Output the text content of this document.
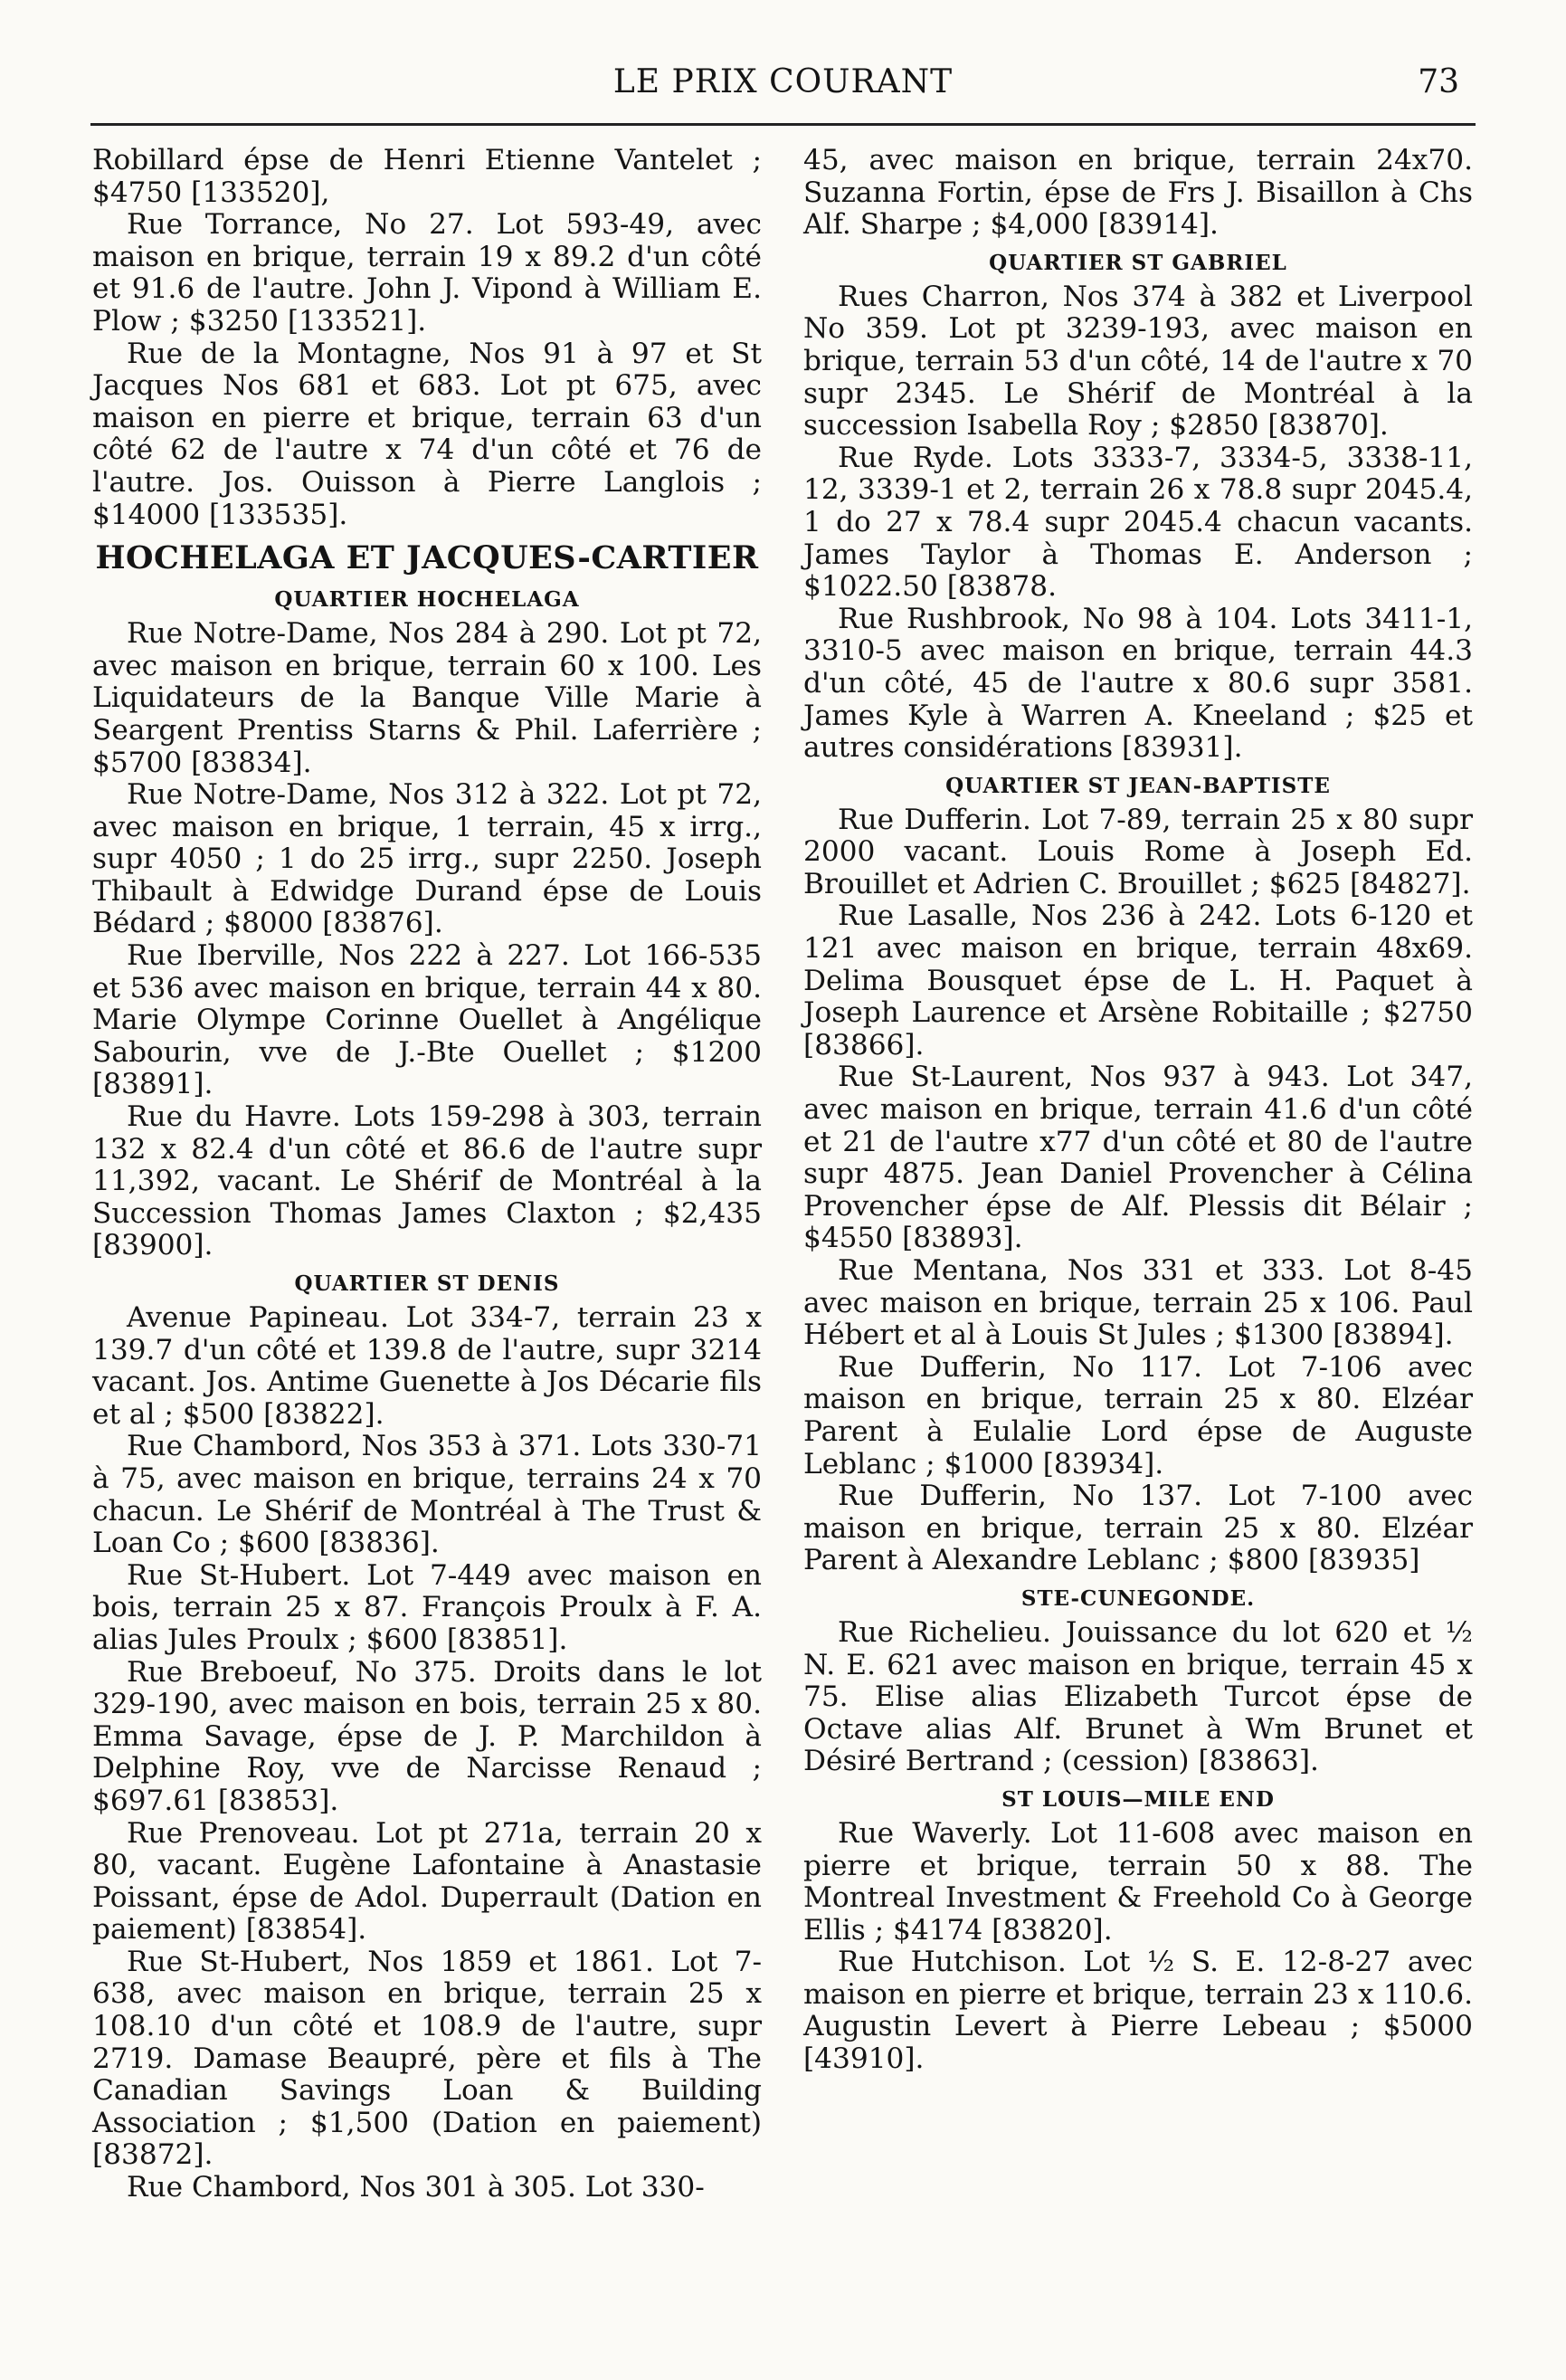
LE PRIX COURANT	73

Robillard épse de Henri Etienne Vantelet ; $4750 [133520],

Rue Torrance, No 27. Lot 593-49, avec maison en brique, terrain 19 x 89.2 d'un côté et 91.6 de l'autre. John J. Vipond à William E. Plow ; $3250 [133521].

Rue de la Montagne, Nos 91 à 97 et St Jacques Nos 681 et 683. Lot pt 675, avec maison en pierre et brique, terrain 63 d'un côté 62 de l'autre x 74 d'un côté et 76 de l'autre. Jos. Ouisson à Pierre Langlois ; $14000 [133535].

HOCHELAGA ET JACQUES-CARTIER
QUARTIER HOCHELAGA

Rue Notre-Dame, Nos 284 à 290. Lot pt 72, avec maison en brique, terrain 60 x 100. Les Liquidateurs de la Banque Ville Marie à Seargent Prentiss Starns & Phil. Laferrière ; $5700 [83834].

Rue Notre-Dame, Nos 312 à 322. Lot pt 72, avec maison en brique, 1 terrain, 45 x irrg., supr 4050 ; 1 do 25 irrg., supr 2250. Joseph Thibault à Edwidge Durand épse de Louis Bédard ; $8000 [83876].

Rue Iberville, Nos 222 à 227. Lot 166-535 et 536 avec maison en brique, terrain 44 x 80. Marie Olympe Corinne Ouellet à Angélique Sabourin, vve de J.-Bte Ouellet ; $1200 [83891].

Rue du Havre. Lots 159-298 à 303, terrain 132 x 82.4 d'un côté et 86.6 de l'autre supr 11,392, vacant. Le Shérif de Montréal à la Succession Thomas James Claxton ; $2,435 [83900].

QUARTIER ST DENIS

Avenue Papineau. Lot 334-7, terrain 23 x 139.7 d'un côté et 139.8 de l'autre, supr 3214 vacant. Jos. Antime Guenette à Jos Décarie fils et al ; $500 [83822].

Rue Chambord, Nos 353 à 371. Lots 330-71 à 75, avec maison en brique, terrains 24 x 70 chacun. Le Shérif de Montréal à The Trust & Loan Co ; $600 [83836].

Rue St-Hubert. Lot 7-449 avec maison en bois, terrain 25 x 87. François Proulx à F. A. alias Jules Proulx ; $600 [83851].

Rue Breboeuf, No 375. Droits dans le lot 329-190, avec maison en bois, terrain 25 x 80. Emma Savage, épse de J. P. Marchildon à Delphine Roy, vve de Narcisse Renaud ; $697.61 [83853].

Rue Prenoveau. Lot pt 271a, terrain 20 x 80, vacant. Eugène Lafontaine à Anastasie Poissant, épse de Adol. Duperrault (Dation en paiement) [83854].

Rue St-Hubert, Nos 1859 et 1861. Lot 7-638, avec maison en brique, terrain 25 x 108.10 d'un côté et 108.9 de l'autre, supr 2719. Damase Beaupré, père et fils à The Canadian Savings Loan & Building Association ; $1,500 (Dation en paiement) [83872].

Rue Chambord, Nos 301 à 305. Lot 330-

45, avec maison en brique, terrain 24x70. Suzanna Fortin, épse de Frs J. Bisaillon à Chs Alf. Sharpe ; $4,000 [83914].

QUARTIER ST GABRIEL

Rues Charron, Nos 374 à 382 et Liverpool No 359. Lot pt 3239-193, avec maison en brique, terrain 53 d'un côté, 14 de l'autre x 70 supr 2345. Le Shérif de Montréal à la succession Isabella Roy ; $2850 [83870].

Rue Ryde. Lots 3333-7, 3334-5, 3338-11, 12, 3339-1 et 2, terrain 26 x 78.8 supr 2045.4, 1 do 27 x 78.4 supr 2045.4 chacun vacants. James Taylor à Thomas E. Anderson ; $1022.50 [83878.

Rue Rushbrook, No 98 à 104. Lots 3411-1, 3310-5 avec maison en brique, terrain 44.3 d'un côté, 45 de l'autre x 80.6 supr 3581. James Kyle à Warren A. Kneeland ; $25 et autres considérations [83931].

QUARTIER ST JEAN-BAPTISTE

Rue Dufferin. Lot 7-89, terrain 25 x 80 supr 2000 vacant. Louis Rome à Joseph Ed. Brouillet et Adrien C. Brouillet ; $625 [84827].

Rue Lasalle, Nos 236 à 242. Lots 6-120 et 121 avec maison en brique, terrain 48x69. Delima Bousquet épse de L. H. Paquet à Joseph Laurence et Arsène Robitaille ; $2750 [83866].

Rue St-Laurent, Nos 937 à 943. Lot 347, avec maison en brique, terrain 41.6 d'un côté et 21 de l'autre x77 d'un côté et 80 de l'autre supr 4875. Jean Daniel Provencher à Célina Provencher épse de Alf. Plessis dit Bélair ; $4550 [83893].

Rue Mentana, Nos 331 et 333. Lot 8-45 avec maison en brique, terrain 25 x 106. Paul Hébert et al à Louis St Jules ; $1300 [83894].

Rue Dufferin, No 117. Lot 7-106 avec maison en brique, terrain 25 x 80. Elzéar Parent à Eulalie Lord épse de Auguste Leblanc ; $1000 [83934].

Rue Dufferin, No 137. Lot 7-100 avec maison en brique, terrain 25 x 80. Elzéar Parent à Alexandre Leblanc ; $800 [83935]

STE-CUNEGONDE.

Rue Richelieu. Jouissance du lot 620 et ½ N. E. 621 avec maison en brique, terrain 45 x 75. Elise alias Elizabeth Turcot épse de Octave alias Alf. Brunet à Wm Brunet et Désiré Bertrand ; (cession) [83863].

ST LOUIS—MILE END

Rue Waverly. Lot 11-608 avec maison en pierre et brique, terrain 50 x 88. The Montreal Investment & Freehold Co à George Ellis ; $4174 [83820].

Rue Hutchison. Lot ½ S. E. 12-8-27 avec maison en pierre et brique, terrain 23 x 110.6. Augustin Levert à Pierre Lebeau ; $5000 [43910].
